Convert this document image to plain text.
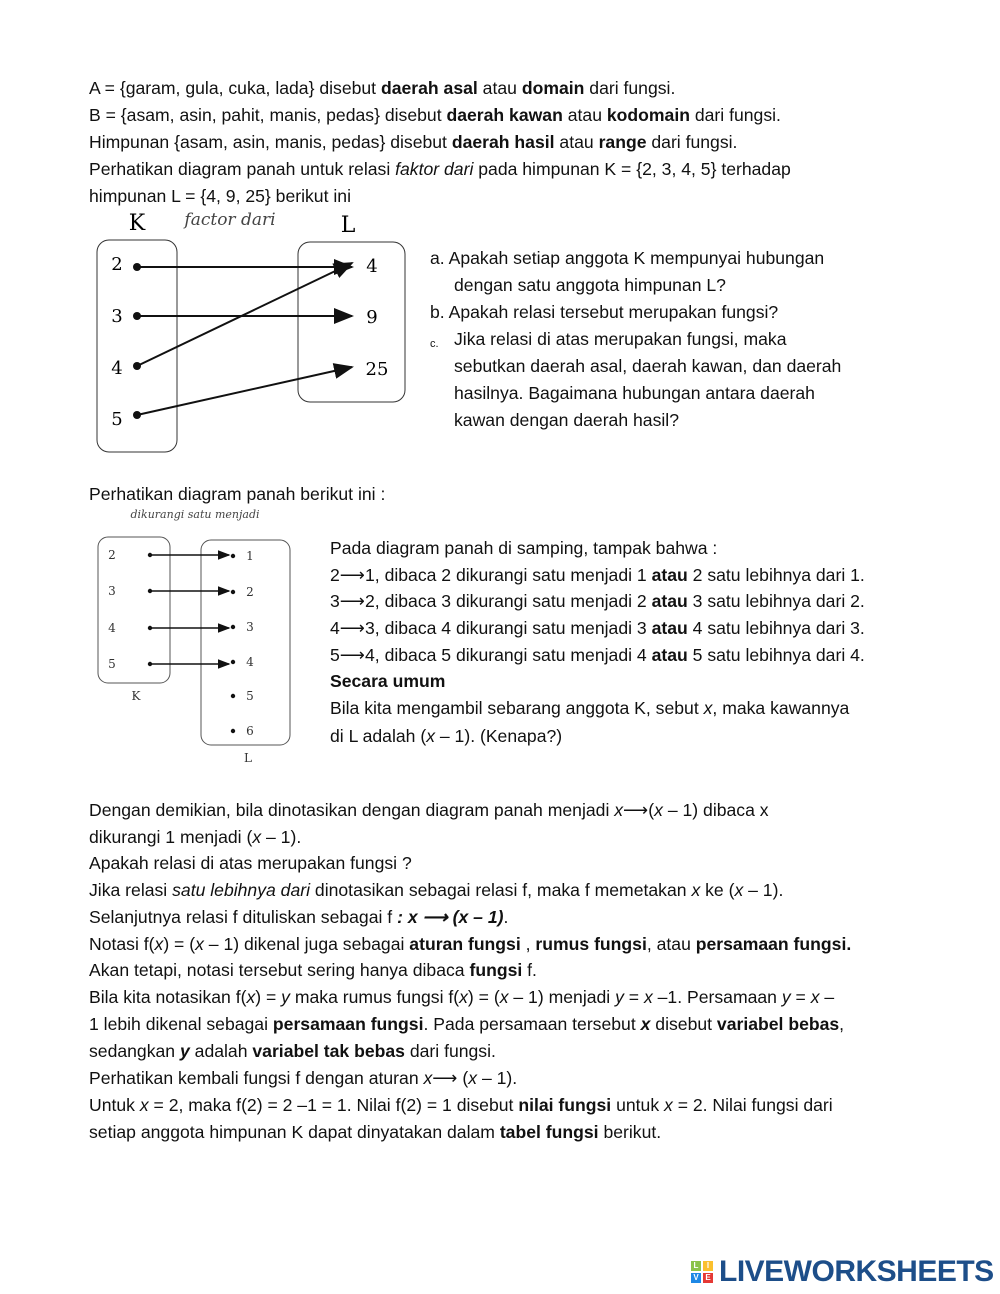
A = {garam, gula, cuka, lada} disebut daerah asal atau domain dari fungsi.
B = {asam, asin, pahit, manis, pedas} disebut daerah kawan atau kodomain dari fungsi.
Himpunan {asam, asin, manis, pedas} disebut daerah hasil atau range dari fungsi.
Perhatikan diagram panah untuk relasi faktor dari pada himpunan K = {2, 3, 4, 5} terhadap
himpunan L = {4, 9, 25} berikut ini
a. Apakah setiap anggota K mempunyai hubungan
dengan satu anggota himpunan L?
b. Apakah relasi tersebut merupakan fungsi?
Jika relasi di atas merupakan fungsi, maka
sebutkan daerah asal, daerah kawan, dan daerah
hasilnya. Bagaimana hubungan antara daerah
kawan dengan daerah hasil?
Perhatikan diagram panah berikut ini :
Pada diagram panah di samping, tampak bahwa :
2⟶1, dibaca 2 dikurangi satu menjadi 1 atau 2 satu lebihnya dari 1.
3⟶2, dibaca 3 dikurangi satu menjadi 2 atau 3 satu lebihnya dari 2.
4⟶3, dibaca 4 dikurangi satu menjadi 3 atau 4 satu lebihnya dari 3.
5⟶4, dibaca 5 dikurangi satu menjadi 4 atau 5 satu lebihnya dari 4.
Secara umum
Bila kita mengambil sebarang anggota K, sebut x, maka kawannya
di L adalah (x – 1). (Kenapa?)
Dengan demikian, bila dinotasikan dengan diagram panah menjadi x⟶(x – 1) dibaca x
dikurangi 1 menjadi (x – 1).
Apakah relasi di atas merupakan fungsi ?
Jika relasi satu lebihnya dari dinotasikan sebagai relasi f, maka f memetakan x ke (x – 1).
Selanjutnya relasi f dituliskan sebagai f : x ⟶ (x – 1).
Notasi f(x) = (x – 1) dikenal juga sebagai aturan fungsi , rumus fungsi, atau persamaan fungsi.
Akan tetapi, notasi tersebut sering hanya dibaca fungsi f.
Bila kita notasikan f(x) = y maka rumus fungsi f(x) = (x – 1) menjadi y = x –1. Persamaan y = x –
1 lebih dikenal sebagai persamaan fungsi. Pada persamaan tersebut x disebut variabel bebas,
sedangkan y adalah variabel tak bebas dari fungsi.
Perhatikan kembali fungsi f dengan aturan x⟶ (x – 1).
Untuk x = 2, maka f(2) = 2 –1 = 1. Nilai f(2) = 1 disebut nilai fungsi untuk x = 2. Nilai fungsi dari
setiap anggota himpunan K dapat dinyatakan dalam tabel fungsi berikut.
c.
K factor dari	L
2
3
4
5
4
9
25
dikurangi satu menjadi
2
3
4
5
1
2
3
4
5
6
K
L
L IV E LIVEWORKSHEETS
